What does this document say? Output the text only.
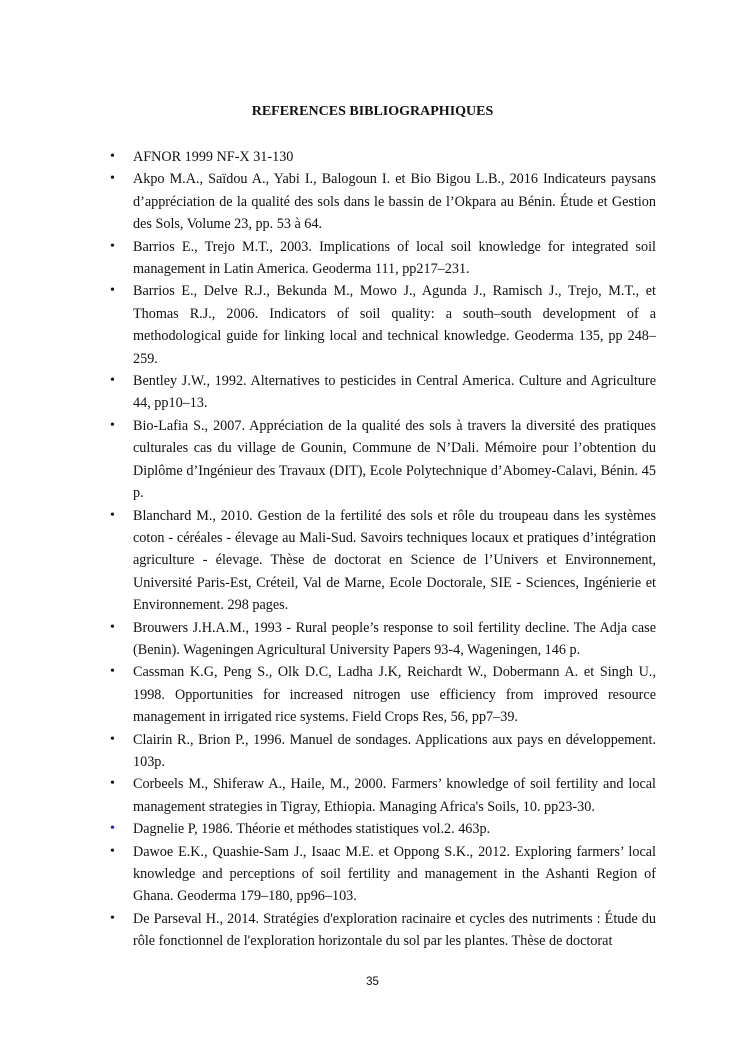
REFERENCES BIBLIOGRAPHIQUES
•	AFNOR 1999 NF-X 31-130
•	Akpo M.A., Saïdou A., Yabi I., Balogoun I. et Bio Bigou L.B., 2016 Indicateurs paysans d’appréciation de la qualité des sols dans le bassin de l’Okpara au Bénin. Étude et Gestion des Sols, Volume 23, pp. 53 à 64.
•	Barrios E., Trejo M.T., 2003. Implications of local soil knowledge for integrated soil management in Latin America. Geoderma 111, pp217–231.
•	Barrios E., Delve R.J., Bekunda M., Mowo J., Agunda J., Ramisch J., Trejo, M.T., et Thomas R.J., 2006. Indicators of soil quality: a south–south development of a methodological guide for linking local and technical knowledge. Geoderma 135, pp 248–259.
•	Bentley J.W., 1992. Alternatives to pesticides in Central America. Culture and Agriculture 44, pp10–13.
•	Bio-Lafia S., 2007. Appréciation de la qualité des sols à travers la diversité des pratiques culturales cas du village de Gounin, Commune de N’Dali. Mémoire pour l’obtention du Diplôme d’Ingénieur des Travaux (DIT), Ecole Polytechnique d’Abomey-Calavi, Bénin. 45 p.
•	Blanchard M., 2010. Gestion de la fertilité des sols et rôle du troupeau dans les systèmes coton - céréales - élevage au Mali-Sud. Savoirs techniques locaux et pratiques d’intégration agriculture - élevage. Thèse de doctorat en Science de l’Univers et Environnement, Université Paris-Est, Créteil, Val de Marne, Ecole Doctorale, SIE - Sciences, Ingénierie et Environnement. 298 pages.
•	Brouwers J.H.A.M., 1993 - Rural people’s response to soil fertility decline. The Adja case (Benin). Wageningen Agricultural University Papers 93-4, Wageningen, 146 p.
•	Cassman K.G, Peng S., Olk D.C, Ladha J.K, Reichardt W., Dobermann A. et Singh U., 1998. Opportunities for increased nitrogen use efficiency from improved resource management in irrigated rice systems. Field Crops Res, 56, pp7–39.
•	Clairin R., Brion P., 1996. Manuel de sondages. Applications aux pays en développement. 103p.
•	Corbeels M., Shiferaw A., Haile, M., 2000. Farmers’ knowledge of soil fertility and local management strategies in Tigray, Ethiopia. Managing Africa's Soils, 10. pp23-30.
•	Dagnelie P, 1986. Théorie et méthodes statistiques vol.2. 463p.
•	Dawoe E.K., Quashie-Sam J., Isaac M.E. et Oppong S.K., 2012. Exploring farmers’ local knowledge and perceptions of soil fertility and management in the Ashanti Region of Ghana. Geoderma 179–180, pp96–103.
•	De Parseval H., 2014. Stratégies d'exploration racinaire et cycles des nutriments : Étude du rôle fonctionnel de l'exploration horizontale du sol par les plantes. Thèse de doctorat
35
